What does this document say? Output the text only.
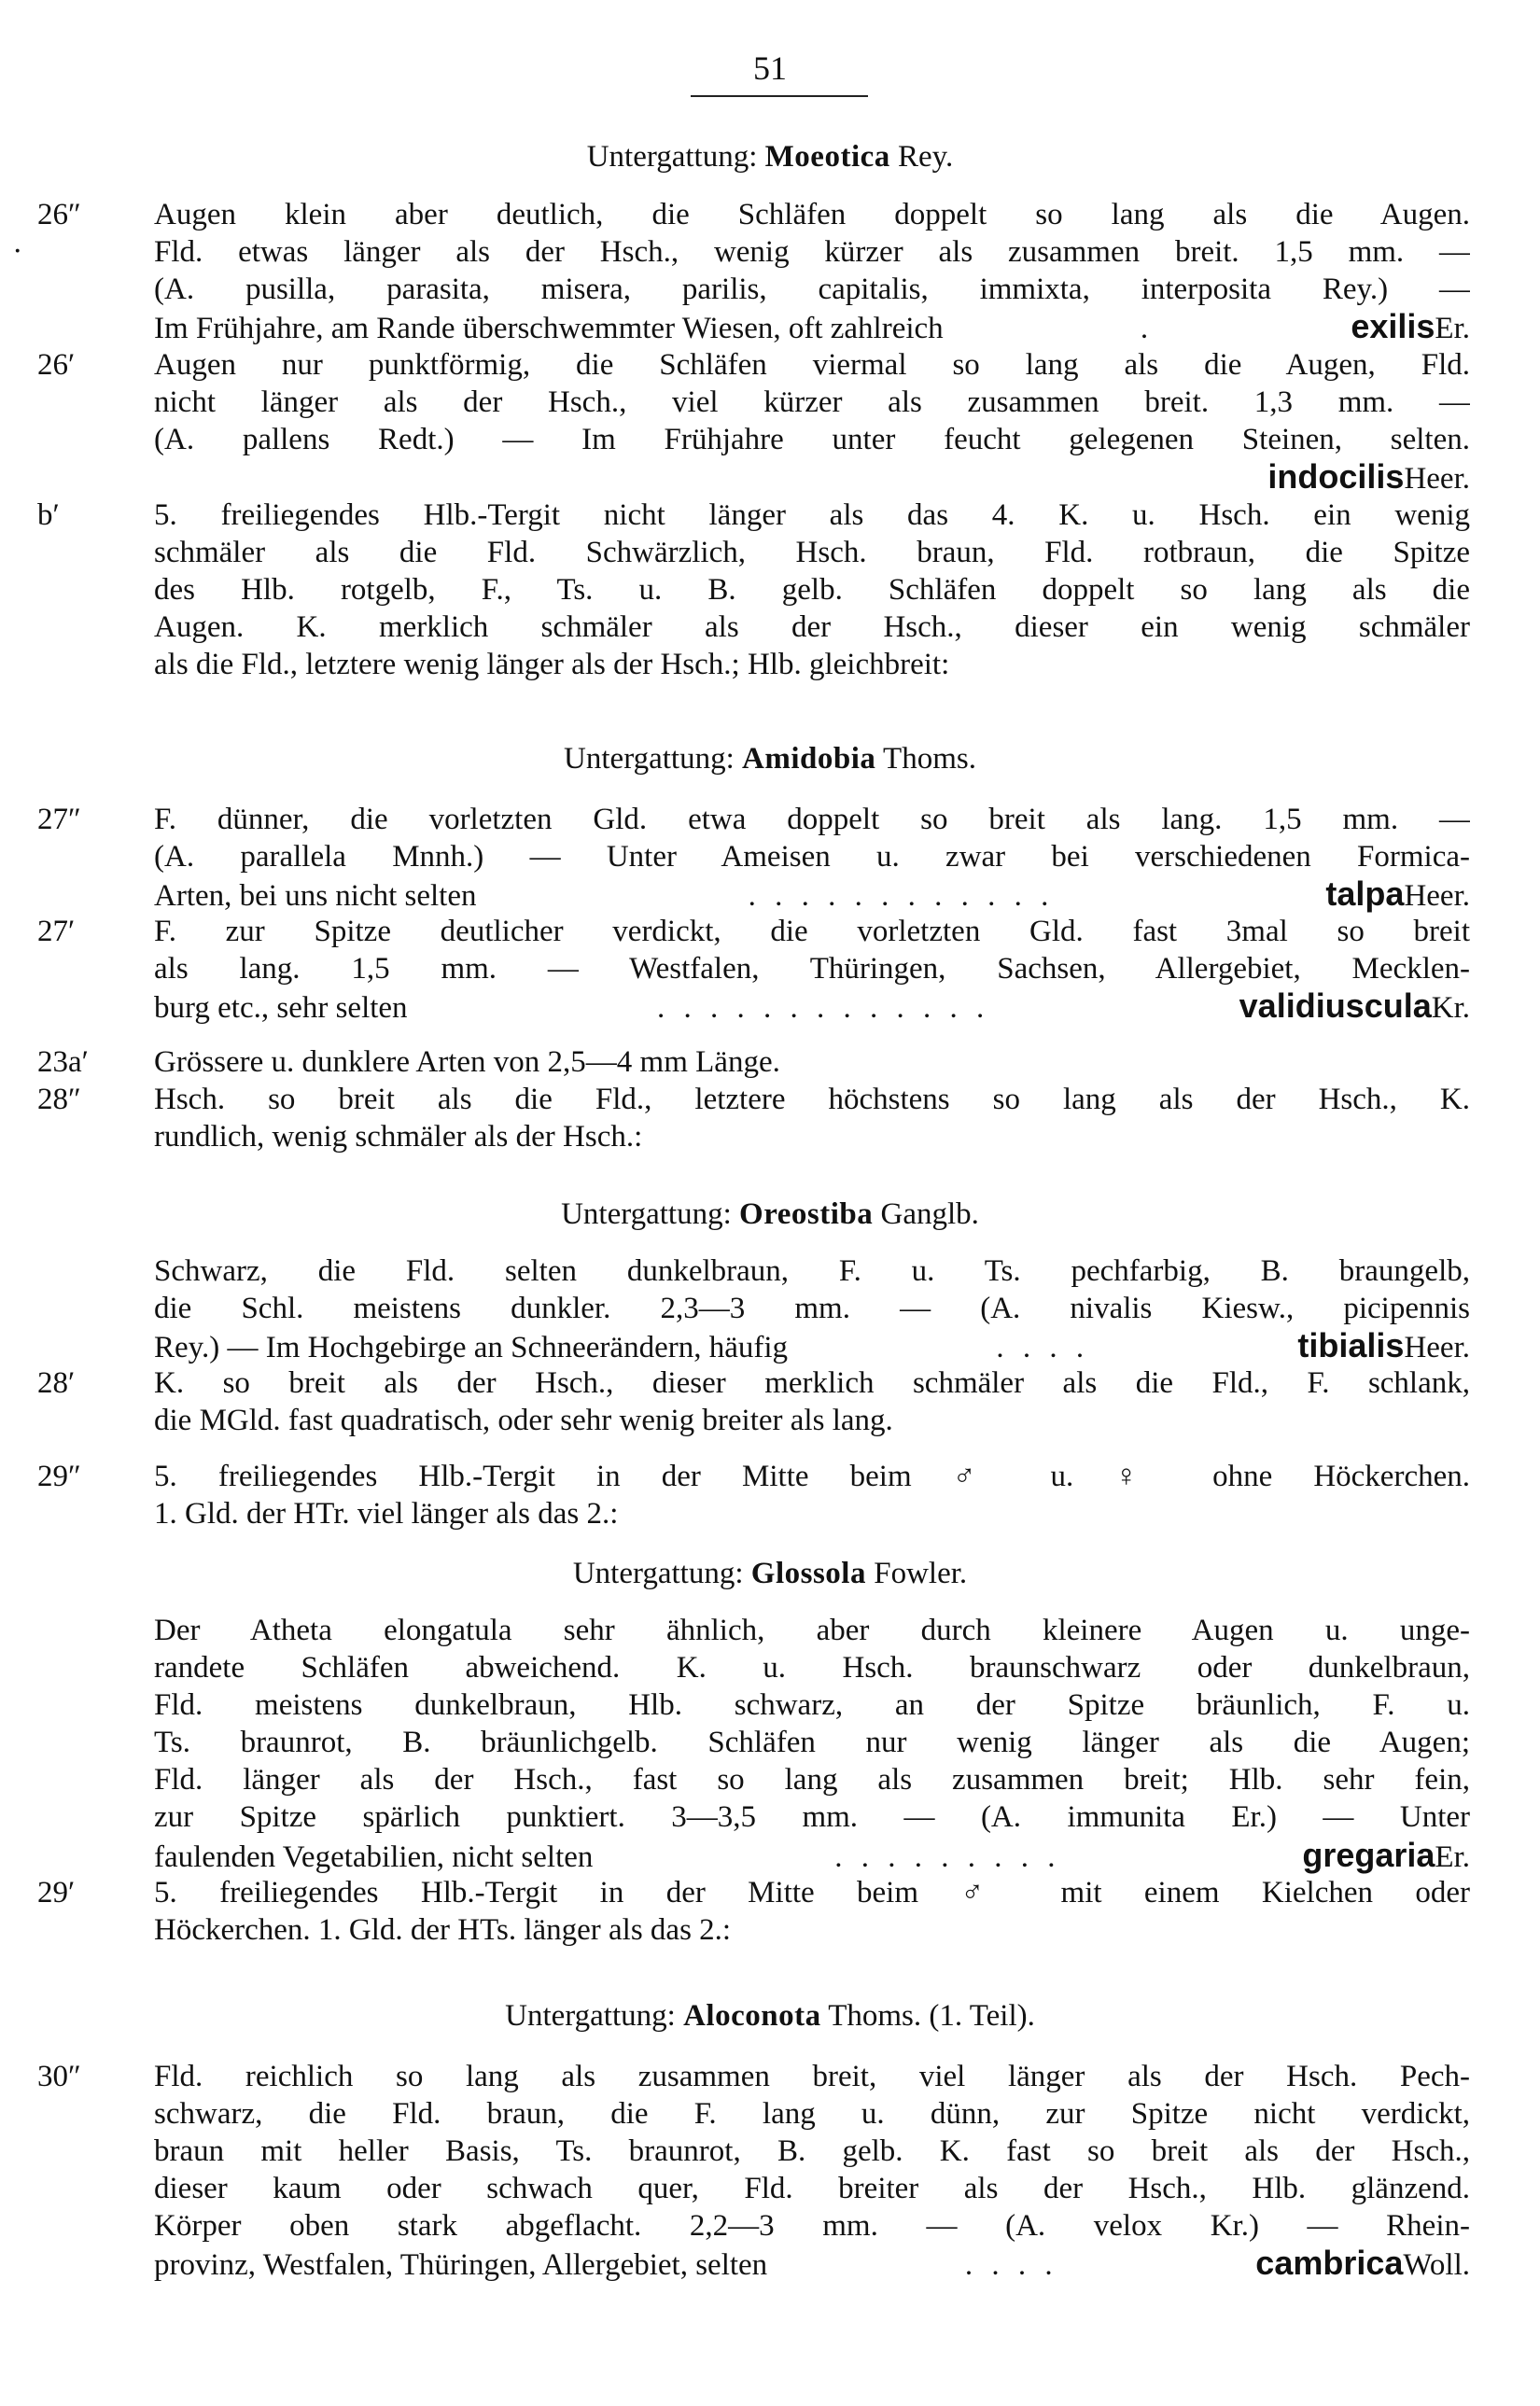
51
Untergattung: Moeotica Rey.
26″	Augen klein aber deutlich, die Schläfen doppelt so lang als die Augen.
Fld. etwas länger als der Hsch., wenig kürzer als zusammen breit. 1,5 mm. —
(A. pusilla, parasita, misera, parilis, capitalis, immixta, interposita Rey.) —
Im Frühjahre, am Rande überschwemmter Wiesen, oft zahlreich	.	exilis Er.
26′	Augen nur punktförmig, die Schläfen viermal so lang als die Augen, Fld.
nicht länger als der Hsch., viel kürzer als zusammen breit. 1,3 mm. —
(A. pallens Redt.) — Im Frühjahre unter feucht gelegenen Steinen, selten.
indocilis Heer.
b′	5. freiliegendes Hlb.-Tergit nicht länger als das 4. K. u. Hsch. ein wenig
schmäler als die Fld. Schwärzlich, Hsch. braun, Fld. rotbraun, die Spitze
des Hlb. rotgelb, F., Ts. u. B. gelb. Schläfen doppelt so lang als die
Augen. K. merklich schmäler als der Hsch., dieser ein wenig schmäler
als die Fld., letztere wenig länger als der Hsch.; Hlb. gleichbreit:
Untergattung: Amidobia Thoms.
27″	F. dünner, die vorletzten Gld. etwa doppelt so breit als lang. 1,5 mm. —
(A. parallela Mnnh.) — Unter Ameisen u. zwar bei verschiedenen Formica-
Arten, bei uns nicht selten	. . . . . . . . . . . .	talpa Heer.
27′	F. zur Spitze deutlicher verdickt, die vorletzten Gld. fast 3mal so breit
als lang. 1,5 mm. — Westfalen, Thüringen, Sachsen, Allergebiet, Mecklen-
burg etc., sehr selten	. . . . . . . . . . . . .	validiuscula Kr.
23a′	Grössere u. dunklere Arten von 2,5—4 mm Länge.
28″	Hsch. so breit als die Fld., letztere höchstens so lang als der Hsch., K.
rundlich, wenig schmäler als der Hsch.:
Untergattung: Oreostiba Ganglb.
Schwarz, die Fld. selten dunkelbraun, F. u. Ts. pechfarbig, B. braungelb,
die Schl. meistens dunkler. 2,3—3 mm. — (A. nivalis Kiesw., picipennis
Rey.) — Im Hochgebirge an Schneerändern, häufig	. . . .	tibialis Heer.
28′	K. so breit als der Hsch., dieser merklich schmäler als die Fld., F. schlank,
die MGld. fast quadratisch, oder sehr wenig breiter als lang.
29″	5. freiliegendes Hlb.-Tergit in der Mitte beim ♂ u. ♀ ohne Höckerchen.
1. Gld. der HTr. viel länger als das 2.:
Untergattung: Glossola Fowler.
Der Atheta elongatula sehr ähnlich, aber durch kleinere Augen u. unge-
randete Schläfen abweichend. K. u. Hsch. braunschwarz oder dunkelbraun,
Fld. meistens dunkelbraun, Hlb. schwarz, an der Spitze bräunlich, F. u.
Ts. braunrot, B. bräunlichgelb. Schläfen nur wenig länger als die Augen;
Fld. länger als der Hsch., fast so lang als zusammen breit; Hlb. sehr fein,
zur Spitze spärlich punktiert. 3—3,5 mm. — (A. immunita Er.) — Unter
faulenden Vegetabilien, nicht selten	. . . . . . . . .	gregaria Er.
29′	5. freiliegendes Hlb.-Tergit in der Mitte beim ♂ mit einem Kielchen oder
Höckerchen. 1. Gld. der HTs. länger als das 2.:
Untergattung: Aloconota Thoms. (1. Teil).
30″	Fld. reichlich so lang als zusammen breit, viel länger als der Hsch. Pech-
schwarz, die Fld. braun, die F. lang u. dünn, zur Spitze nicht verdickt,
braun mit heller Basis, Ts. braunrot, B. gelb. K. fast so breit als der Hsch.,
dieser kaum oder schwach quer, Fld. breiter als der Hsch., Hlb. glänzend.
Körper oben stark abgeflacht. 2,2—3 mm. — (A. velox Kr.) — Rhein-
provinz, Westfalen, Thüringen, Allergebiet, selten	. . . .	cambrica Woll.
·
